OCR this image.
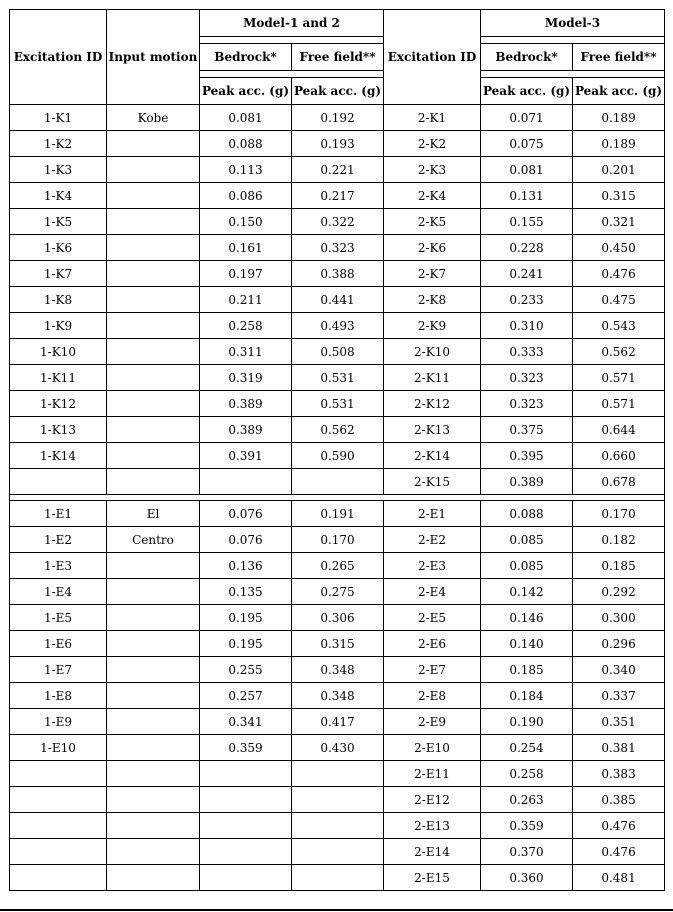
Excitation ID	Input motion	Model-1 and 2		Excitation ID	Model-3	

		Bedrock*	Free field**		Bedrock*	Free field**

		Peak acc. (g)	Peak acc. (g)		Peak acc. (g)	Peak acc. (g)
1-K1	Kobe	0.081	0.192	2-K1	0.071	0.189
1-K2		0.088	0.193	2-K2	0.075	0.189
1-K3		0.113	0.221	2-K3	0.081	0.201
1-K4		0.086	0.217	2-K4	0.131	0.315
1-K5		0.150	0.322	2-K5	0.155	0.321
1-K6		0.161	0.323	2-K6	0.228	0.450
1-K7		0.197	0.388	2-K7	0.241	0.476
1-K8		0.211	0.441	2-K8	0.233	0.475
1-K9		0.258	0.493	2-K9	0.310	0.543
1-K10		0.311	0.508	2-K10	0.333	0.562
1-K11		0.319	0.531	2-K11	0.323	0.571
1-K12		0.389	0.531	2-K12	0.323	0.571
1-K13		0.389	0.562	2-K13	0.375	0.644
1-K14		0.391	0.590	2-K14	0.395	0.660
				2-K15	0.389	0.678

1-E1	El	0.076	0.191	2-E1	0.088	0.170
1-E2	Centro	0.076	0.170	2-E2	0.085	0.182
1-E3		0.136	0.265	2-E3	0.085	0.185
1-E4		0.135	0.275	2-E4	0.142	0.292
1-E5		0.195	0.306	2-E5	0.146	0.300
1-E6		0.195	0.315	2-E6	0.140	0.296
1-E7		0.255	0.348	2-E7	0.185	0.340
1-E8		0.257	0.348	2-E8	0.184	0.337
1-E9		0.341	0.417	2-E9	0.190	0.351
1-E10		0.359	0.430	2-E10	0.254	0.381
				2-E11	0.258	0.383
				2-E12	0.263	0.385
				2-E13	0.359	0.476
				2-E14	0.370	0.476
				2-E15	0.360	0.481
